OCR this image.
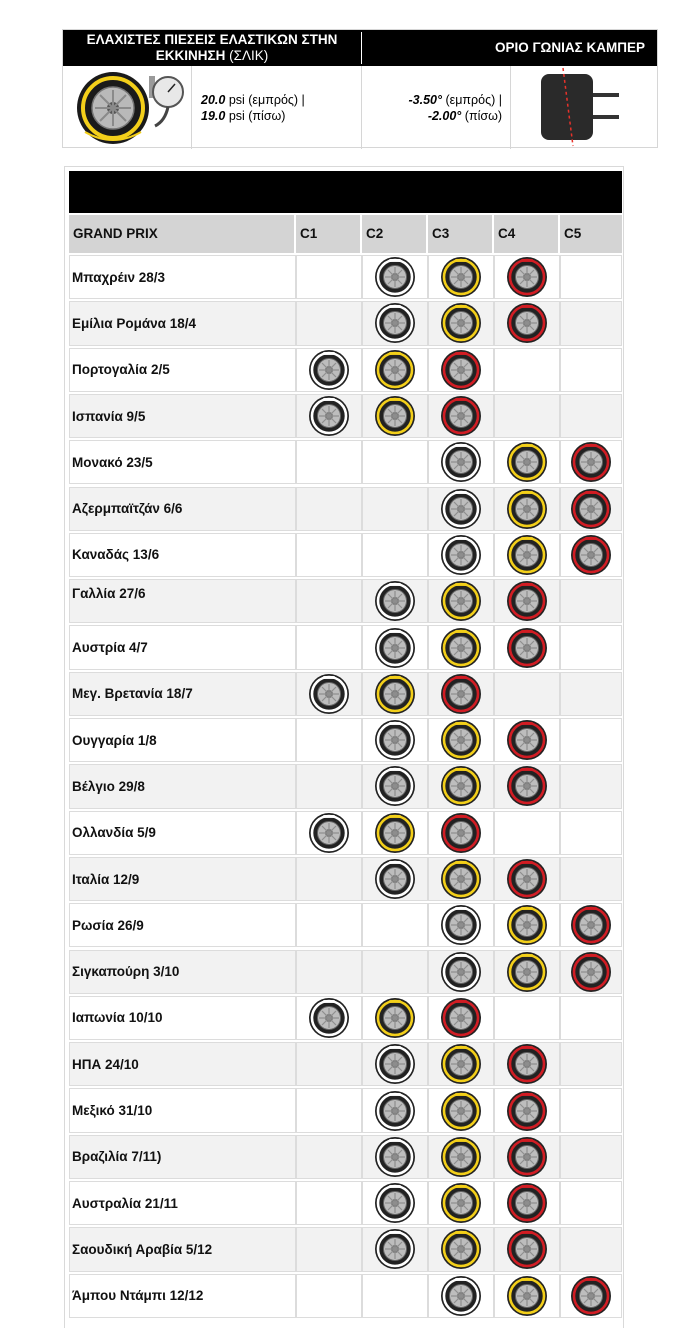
ΕΛΑΧΙΣΤΕΣ ΠΙΕΣΕΙΣ ΕΛΑΣΤΙΚΩΝ ΣΤΗΝ ΕΚΚΙΝΗΣΗ (ΣΛΙΚ)
ΟΡΙΟ ΓΩΝΙΑΣ ΚΑΜΠΕΡ
20.0 psi (εμπρός) |
19.0 psi (πίσω)
-3.50° (εμπρός) |
-2.00° (πίσω)
GRAND PRIX	C1	C2	C3	C4	C5
Μπαχρέιν 28/3
Εμίλια Ρομάνα 18/4
Πορτογαλία 2/5
Ισπανία 9/5
Μονακό 23/5
Αζερμπαϊτζάν 6/6
Καναδάς 13/6
Γαλλία 27/6
Αυστρία 4/7
Μεγ. Βρετανία 18/7
Ουγγαρία 1/8
Βέλγιο 29/8
Ολλανδία 5/9
Ιταλία 12/9
Ρωσία 26/9
Σιγκαπούρη 3/10
Ιαπωνία 10/10
ΗΠΑ 24/10
Μεξικό 31/10
Βραζιλία 7/11)
Αυστραλία 21/11
Σαουδική Αραβία 5/12
Άμπου Ντάμπι 12/12
